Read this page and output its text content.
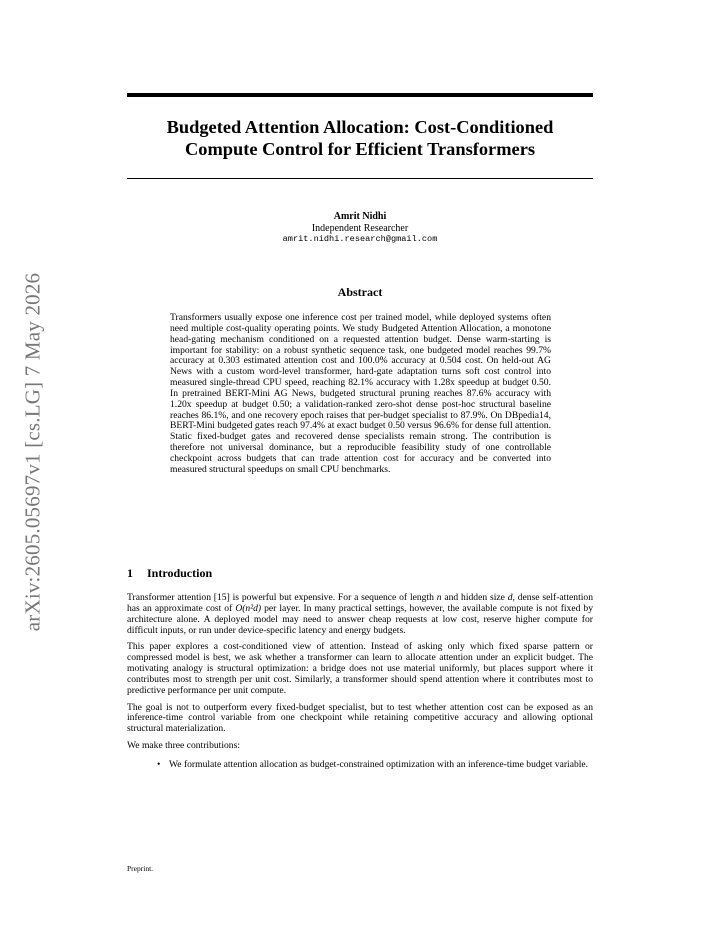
arXiv:2605.05697v1 [cs.LG] 7 May 2026
Budgeted Attention Allocation: Cost-Conditioned
Compute Control for Efficient Transformers
Amrit Nidhi
Independent Researcher
amrit.nidhi.research@gmail.com
Abstract
Transformers usually expose one inference cost per trained model, while deployed systems often need multiple cost-quality operating points. We study Budgeted Attention Allocation, a monotone head-gating mechanism conditioned on a requested attention budget. Dense warm-starting is important for stability: on a robust synthetic sequence task, one budgeted model reaches 99.7% accuracy at 0.303 estimated attention cost and 100.0% accuracy at 0.504 cost. On held-out AG News with a custom word-level transformer, hard-gate adaptation turns soft cost control into measured single-thread CPU speed, reaching 82.1% accuracy with 1.28x speedup at budget 0.50. In pretrained BERT-Mini AG News, budgeted structural pruning reaches 87.6% accuracy with 1.20x speedup at budget 0.50; a validation-ranked zero-shot dense post-hoc structural baseline reaches 86.1%, and one recovery epoch raises that per-budget specialist to 87.9%. On DBpedia14, BERT-Mini budgeted gates reach 97.4% at exact budget 0.50 versus 96.6% for dense full attention. Static fixed-budget gates and recovered dense specialists remain strong. The contribution is therefore not universal dominance, but a reproducible feasibility study of one controllable checkpoint across budgets that can trade attention cost for accuracy and be converted into measured structural speedups on small CPU benchmarks.
1 Introduction

Transformer attention [15] is powerful but expensive. For a sequence of length n and hidden size d, dense self-attention has an approximate cost of O(n²d) per layer. In many practical settings, however, the available compute is not fixed by architecture alone. A deployed model may need to answer cheap requests at low cost, reserve higher compute for difficult inputs, or run under device-specific latency and energy budgets.

This paper explores a cost-conditioned view of attention. Instead of asking only which fixed sparse pattern or compressed model is best, we ask whether a transformer can learn to allocate attention under an explicit budget. The motivating analogy is structural optimization: a bridge does not use material uniformly, but places support where it contributes most to strength per unit cost. Similarly, a transformer should spend attention where it contributes most to predictive performance per unit compute.

The goal is not to outperform every fixed-budget specialist, but to test whether attention cost can be exposed as an inference-time control variable from one checkpoint while retaining competitive accuracy and allowing optional structural materialization.

We make three contributions:

• We formulate attention allocation as budget-constrained optimization with an inference-time budget variable.
Preprint.
